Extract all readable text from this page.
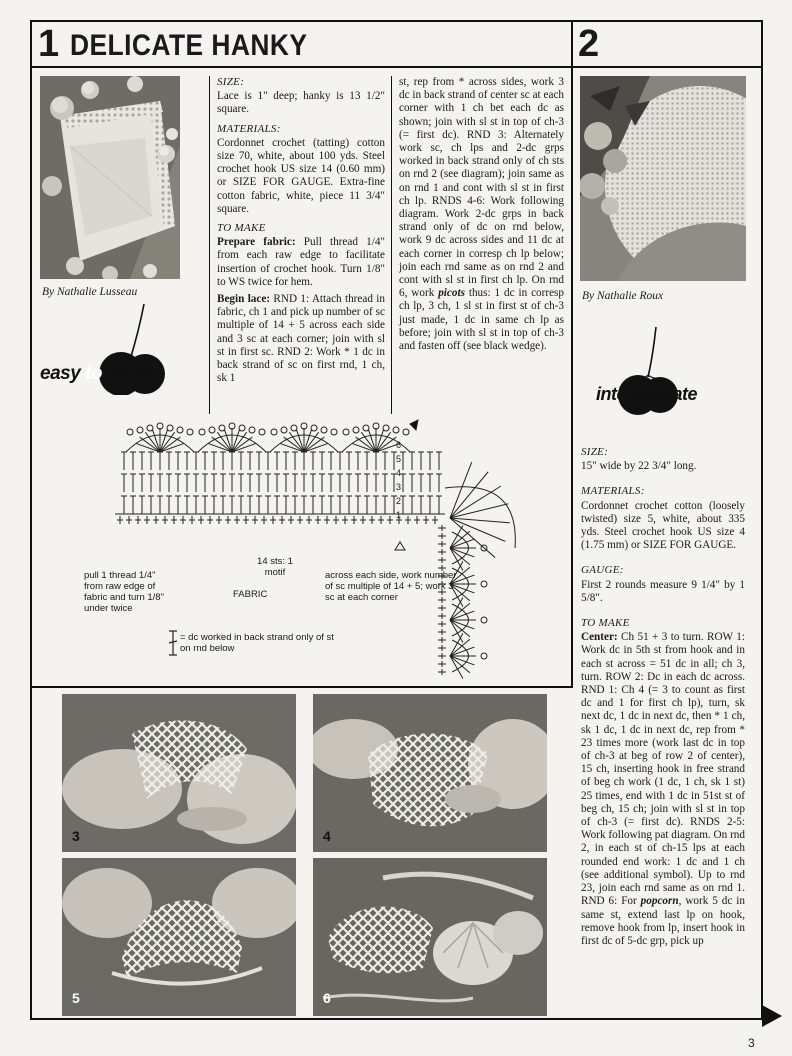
1 DELICATE HANKY	2
By Nathalie Lusseau
easy to make
SIZE:

Lace is 1" deep; hanky is 13 1/2" square.

MATERIALS:

Cordonnet crochet (tatting) cotton size 70, white, about 100 yds. Steel crochet hook US size 14 (0.60 mm) or SIZE FOR GAUGE. Extra-fine cotton fabric, white, piece 11 3/4" square.

TO MAKE

Prepare fabric: Pull thread 1/4" from each raw edge to facilitate insertion of crochet hook. Turn 1/8" to WS twice for hem.

Begin lace: RND 1: Attach thread in fabric, ch 1 and pick up number of sc multiple of 14 + 5 across each side and 3 sc at each corner; join with sl st in first sc. RND 2: Work * 1 dc in back strand of sc on first rnd, 1 ch, sk 1

st, rep from * across sides, work 3 dc in back strand of center sc at each corner with 1 ch bet each dc as shown; join with sl st in top of ch-3 (= first dc). RND 3: Alternately work sc, ch lps and 2-dc grps worked in back strand only of ch sts on rnd 2 (see diagram); join same as on rnd 1 and cont with sl st in first ch lp. RNDS 4-6: Work following diagram. Work 2-dc grps in back strand only of dc on rnd below, work 9 dc across sides and 11 dc at each corner in corresp ch lp below; join each rnd same as on rnd 2 and cont with sl st in first ch lp. On rnd 6, work picots thus: 1 dc in corresp ch lp, 3 ch, 1 sl st in first st of ch-3 just made, 1 dc in same ch lp as before; join with sl st in top of ch-3 and fasten off (see black wedge).

6
5
4
3
2
1
pull 1 thread 1/4" from raw edge of fabric and turn 1/8" under twice
14 sts: 1 motif
FABRIC
across each side, work number of sc multiple of 14 + 5; work 3 sc at each corner
= dc worked in back strand only of st on rnd below
3	4
5	6
By Nathalie Roux
intermediate
SIZE:

15" wide by 22 3/4" long.

MATERIALS:

Cordonnet crochet cotton (loosely twisted) size 5, white, about 335 yds. Steel crochet hook US size 4 (1.75 mm) or SIZE FOR GAUGE.

GAUGE:

First 2 rounds measure 9 1/4" by 1 5/8".

TO MAKE

Center: Ch 51 + 3 to turn. ROW 1: Work dc in 5th st from hook and in each st across = 51 dc in all; ch 3, turn. ROW 2: Dc in each dc across. RND 1: Ch 4 (= 3 to count as first dc and 1 for first ch lp), turn, sk next dc, 1 dc in next dc, then * 1 ch, sk 1 dc, 1 dc in next dc, rep from * 23 times more (work last dc in top of ch-3 at beg of row 2 of center), 15 ch, inserting hook in free strand of beg ch work (1 dc, 1 ch, sk 1 st) 25 times, end with 1 dc in 51st st of beg ch, 15 ch; join with sl st in top of ch-3 (= first dc). RNDS 2-5: Work following pat diagram. On rnd 2, in each st of ch-15 lps at each rounded end work: 1 dc and 1 ch (see additional symbol). Up to rnd 23, join each rnd same as on rnd 1. RND 6: For popcorn, work 5 dc in same st, extend last lp on hook, remove hook from lp, insert hook in first dc of 5-dc grp, pick up

3
